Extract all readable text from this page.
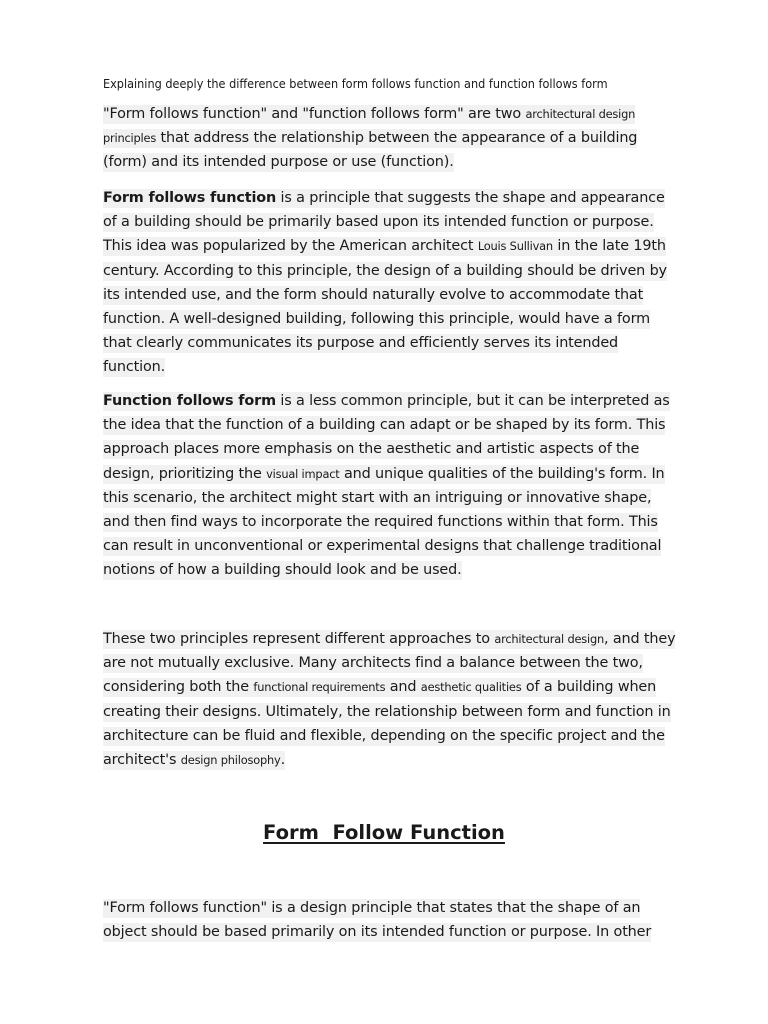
Explaining deeply the difference between form follows function and function follows form
"Form follows function" and "function follows form" are two architectural design principles that address the relationship between the appearance of a building (form) and its intended purpose or use (function).
Form follows function is a principle that suggests the shape and appearance of a building should be primarily based upon its intended function or purpose. This idea was popularized by the American architect Louis Sullivan in the late 19th century. According to this principle, the design of a building should be driven by its intended use, and the form should naturally evolve to accommodate that function. A well-designed building, following this principle, would have a form that clearly communicates its purpose and efficiently serves its intended function.
Function follows form is a less common principle, but it can be interpreted as the idea that the function of a building can adapt or be shaped by its form. This approach places more emphasis on the aesthetic and artistic aspects of the design, prioritizing the visual impact and unique qualities of the building's form. In this scenario, the architect might start with an intriguing or innovative shape, and then find ways to incorporate the required functions within that form. This can result in unconventional or experimental designs that challenge traditional notions of how a building should look and be used.
These two principles represent different approaches to architectural design, and they are not mutually exclusive. Many architects find a balance between the two, considering both the functional requirements and aesthetic qualities of a building when creating their designs. Ultimately, the relationship between form and function in architecture can be fluid and flexible, depending on the specific project and the architect's design philosophy.
Form  Follow Function
"Form follows function" is a design principle that states that the shape of an object should be based primarily on its intended function or purpose. In other
